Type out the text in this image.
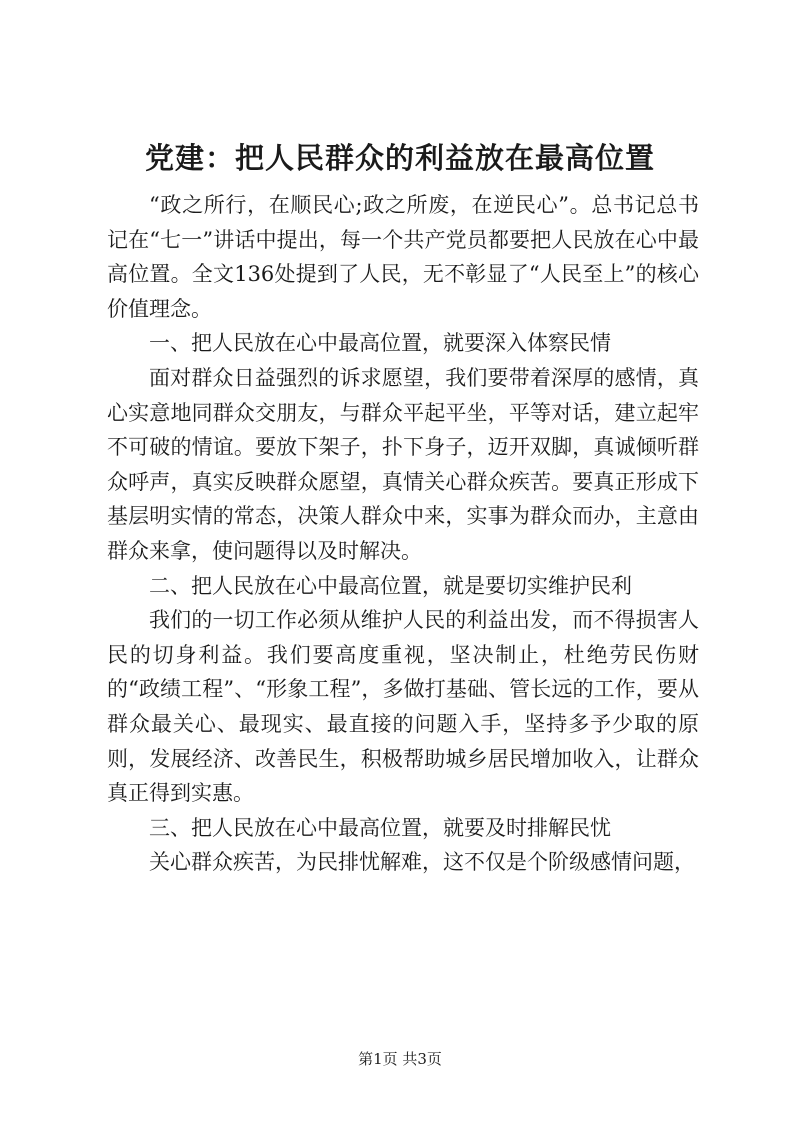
党建：把人民群众的利益放在最高位置

“政之所行，在顺民心;政之所废，在逆民心”。总书记总书记在“七一”讲话中提出，每一个共产党员都要把人民放在心中最高位置。全文136处提到了人民，无不彰显了“人民至上”的核心价值理念。

一、把人民放在心中最高位置，就要深入体察民情

面对群众日益强烈的诉求愿望，我们要带着深厚的感情，真心实意地同群众交朋友，与群众平起平坐，平等对话，建立起牢不可破的情谊。要放下架子，扑下身子，迈开双脚，真诚倾听群众呼声，真实反映群众愿望，真情关心群众疾苦。要真正形成下基层明实情的常态，决策人群众中来，实事为群众而办，主意由群众来拿，使问题得以及时解决。

二、把人民放在心中最高位置，就是要切实维护民利

我们的一切工作必须从维护人民的利益出发，而不得损害人民的切身利益。我们要高度重视，坚决制止，杜绝劳民伤财的“政绩工程”、“形象工程”，多做打基础、管长远的工作，要从群众最关心、最现实、最直接的问题入手，坚持多予少取的原则，发展经济、改善民生，积极帮助城乡居民增加收入，让群众真正得到实惠。

三、把人民放在心中最高位置，就要及时排解民忧

关心群众疾苦，为民排忧解难，这不仅是个阶级感情问题，

第1页 共3页
